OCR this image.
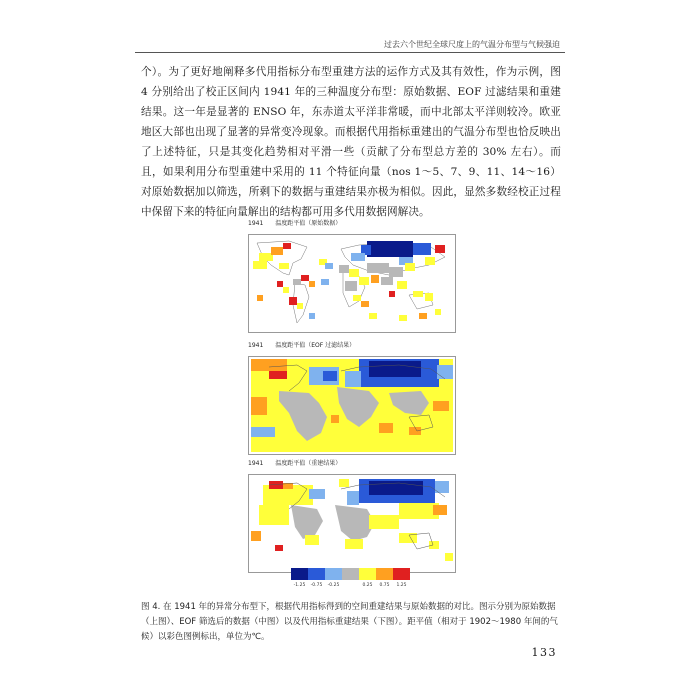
过去六个世纪全球尺度上的气温分布型与气候强迫

个）。为了更好地阐释多代用指标分布型重建方法的运作方式及其有效性，作为示例，图 4 分别给出了校正区间内 1941 年的三种温度分布型：原始数据、EOF 过滤结果和重建结果。这一年是显著的 ENSO 年，东赤道太平洋非常暖，而中北部太平洋则较冷。欧亚地区大部也出现了显著的异常变冷现象。而根据代用指标重建出的气温分布型也恰反映出了上述特征，只是其变化趋势相对平滑一些（贡献了分布型总方差的 30% 左右）。而且，如果利用分布型重建中采用的 11 个特征向量（nos 1～5、7、9、11、14～16）对原始数据加以筛选，所剩下的数据与重建结果亦极为相似。因此，显然多数经校正过程中保留下来的特征向量解出的结构都可用多代用数据网解决。

1941 温度距平值（原始数据）
1941 温度距平值（EOF 过滤结果）
1941 温度距平值（重建结果）
-1.25	-0.75	-0.25	0.25	0.75	1.25
图 4. 在 1941 年的异常分布型下，根据代用指标得到的空间重建结果与原始数据的对比。图示分别为原始数据（上图）、EOF 筛选后的数据（中图）以及代用指标重建结果（下图）。距平值（相对于 1902～1980 年间的气候）以彩色图例标出，单位为℃。
133
